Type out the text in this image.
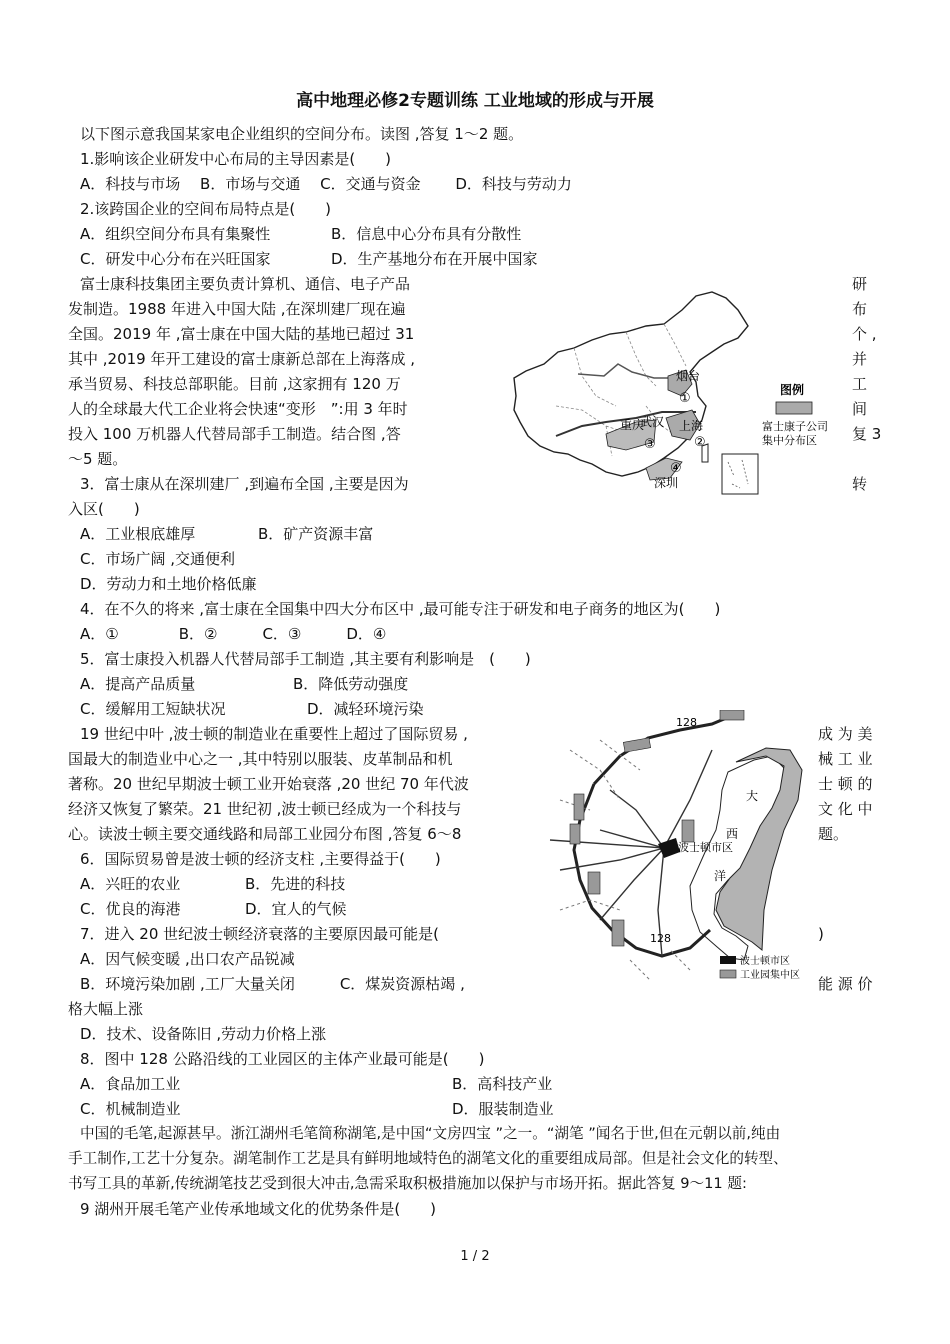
高中地理必修2专题训练 工业地域的形成与开展
以下图示意我国某家电企业组织的空间分布。读图 ,答复 1～2 题。
1.影响该企业研发中心布局的主导因素是(　　)
A．科技与市场　 B．市场与交通　 C．交通与资金　　 D．科技与劳动力
2.该跨国企业的空间布局特点是(　　)
A．组织空间分布具有集聚性	B．信息中心分布具有分散性
C．研发中心分布在兴旺国家	D．生产基地分布在开展中国家
富士康科技集团主要负责计算机、通信、电子产品
发制造。1988 年进入中国大陆 ,在深圳建厂现在遍
全国。2019 年 ,富士康在中国大陆的基地已超过 31
其中 ,2019 年开工建设的富士康新总部在上海落成 ,
承当贸易、科技总部职能。目前 ,这家拥有 120 万
人的全球最大代工企业将会快速“变形　”:用 3 年时
投入 100 万机器人代替局部手工制造。结合图 ,答
～5 题。
3．富士康从在深圳建厂 ,到遍布全国 ,主要是因为
入区(　　)
研
布
个 ,
并
工
间
复 3
转
烟台
上海
武汉
重庆
深圳
①
②
③
④
图例
富士康子公司
集中分布区
A．工业根底雄厚	B．矿产资源丰富
C．市场广阔 ,交通便利
D．劳动力和土地价格低廉
4．在不久的将来 ,富士康在全国集中四大分布区中 ,最可能专注于研发和电子商务的地区为(　　)
A．①　　　　B．②　　　C．③　　　D．④
5．富士康投入机器人代替局部手工制造 ,其主要有利影响是　(　　)
A．提高产品质量	B．降低劳动强度
C．缓解用工短缺状况	D．减轻环境污染
19 世纪中叶 ,波士顿的制造业在重要性上超过了国际贸易 ,
国最大的制造业中心之一 ,其中特别以服装、皮革制品和机
著称。20 世纪早期波士顿工业开始衰落 ,20 世纪 70 年代波
经济又恢复了繁荣。21 世纪初 ,波士顿已经成为一个科技与
心。读波士顿主要交通线路和局部工业园分布图 ,答复 6～8
成 为 美
械 工 业
士 顿 的
文 化 中
题。
128
128
波士顿市区
大
西
洋
波士顿市区
工业园集中区
6．国际贸易曾是波士顿的经济支柱 ,主要得益于(　　)
A．兴旺的农业	B．先进的科技
C．优良的海港	D．宜人的气候
7．进入 20 世纪波士顿经济衰落的主要原因最可能是(	)
A．因气候变暖 ,出口农产品锐减
B．环境污染加剧 ,工厂大量关闭　　　C．煤炭资源枯竭 ,	能 源 价
格大幅上涨
D．技术、设备陈旧 ,劳动力价格上涨
8．图中 128 公路沿线的工业园区的主体产业最可能是(　　)
A．食品加工业	B．高科技产业
C．机械制造业	D．服装制造业
中国的毛笔,起源甚早。浙江湖州毛笔简称湖笔,是中国“文房四宝 ”之一。“湖笔 ”闻名于世,但在元朝以前,纯由
手工制作,工艺十分复杂。湖笔制作工艺是具有鲜明地域特色的湖笔文化的重要组成局部。但是社会文化的转型、
书写工具的革新,传统湖笔技艺受到很大冲击,急需采取积极措施加以保护与市场开拓。据此答复 9～11 题:
9 湖州开展毛笔产业传承地域文化的优势条件是(　　)
1 / 2
